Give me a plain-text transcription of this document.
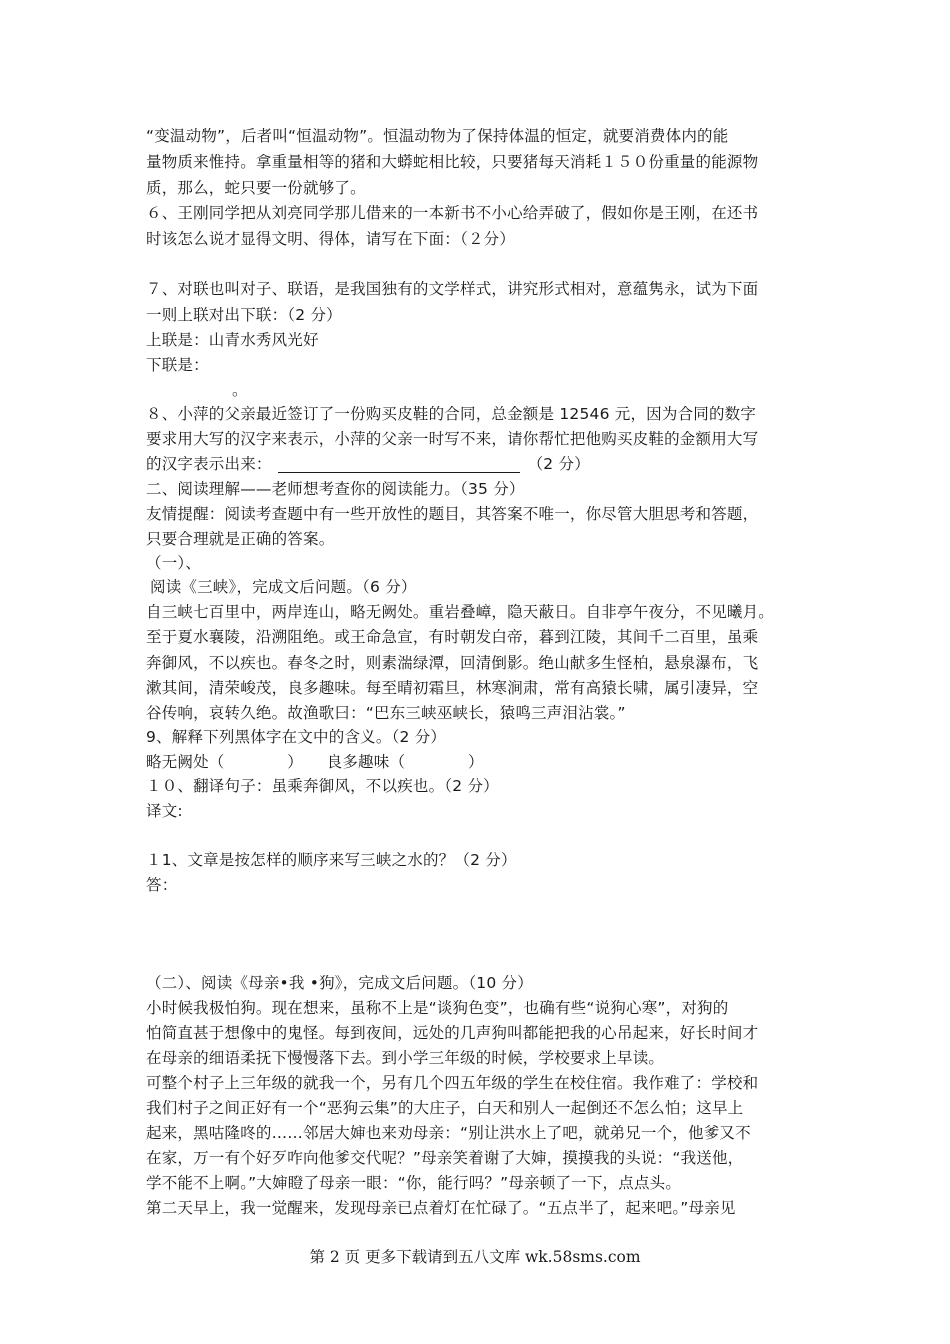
“变温动物”，后者叫“恒温动物”。恒温动物为了保持体温的恒定，就要消费体内的能
量物质来惟持。拿重量相等的猪和大蟒蛇相比较，只要猪每天消耗１５０份重量的能源物
质，那么，蛇只要一份就够了。
６、王刚同学把从刘亮同学那儿借来的一本新书不小心给弄破了，假如你是王刚，在还书
时该怎么说才显得文明、得体，请写在下面：（２分）
７、对联也叫对子、联语，是我国独有的文学样式，讲究形式相对，意蕴隽永，试为下面
一则上联对出下联：（2 分）
上联是：山青水秀风光好
下联是：
。
８、小萍的父亲最近签订了一份购买皮鞋的合同，总金额是 12546 元，因为合同的数字
要求用大写的汉字来表示，小萍的父亲一时写不来，请你帮忙把他购买皮鞋的金额用大写
的汉字表示出来：	（2 分）
二、阅读理解——老师想考查你的阅读能力。（35 分）
友情提醒：阅读考查题中有一些开放性的题目，其答案不唯一，你尽管大胆思考和答题，
只要合理就是正确的答案。
（一）、
阅读《三峡》，完成文后问题。（6 分）
自三峡七百里中，两岸连山，略无阙处。重岩叠嶂，隐天蔽日。自非亭午夜分，不见曦月。
至于夏水襄陵，沿溯阻绝。或王命急宣，有时朝发白帝，暮到江陵，其间千二百里，虽乘
奔御风，不以疾也。春冬之时，则素湍绿潭，回清倒影。绝山献多生怪柏，悬泉瀑布，飞
漱其间，清荣峻茂，良多趣味。每至晴初霜旦，林寒涧肃，常有高猿长啸，属引凄异，空
谷传响，哀转久绝。故渔歌曰：“巴东三峡巫峡长，猿鸣三声泪沾裳。”
9、解释下列黑体字在文中的含义。（2 分）
略无阙处（　　　　）　　良多趣味（　　　　）
１０、翻译句子：虽乘奔御风，不以疾也。（2 分）
译文:
１1、文章是按怎样的顺序来写三峡之水的？（2 分）
答：
（二）、阅读《母亲•我 •狗》，完成文后问题。（10 分）
小时候我极怕狗。现在想来，虽称不上是“谈狗色变”，也确有些“说狗心寒”，对狗的
怕简直甚于想像中的鬼怪。每到夜间，远处的几声狗叫都能把我的心吊起来，好长时间才
在母亲的细语柔抚下慢慢落下去。到小学三年级的时候，学校要求上早读。
可整个村子上三年级的就我一个，另有几个四五年级的学生在校住宿。我作难了：学校和
我们村子之间正好有一个“恶狗云集”的大庄子，白天和别人一起倒还不怎么怕；这早上
起来，黑咕隆咚的……邻居大婶也来劝母亲：“别让洪水上了吧，就弟兄一个，他爹又不
在家，万一有个好歹咋向他爹交代呢？”母亲笑着谢了大婶，摸摸我的头说：“我送他，
学不能不上啊。”大婶瞪了母亲一眼：“你，能行吗？”母亲顿了一下，点点头。
第二天早上，我一觉醒来，发现母亲已点着灯在忙碌了。“五点半了，起来吧。”母亲见
第 2 页 更多下载请到五八文库 wk.58sms.com
